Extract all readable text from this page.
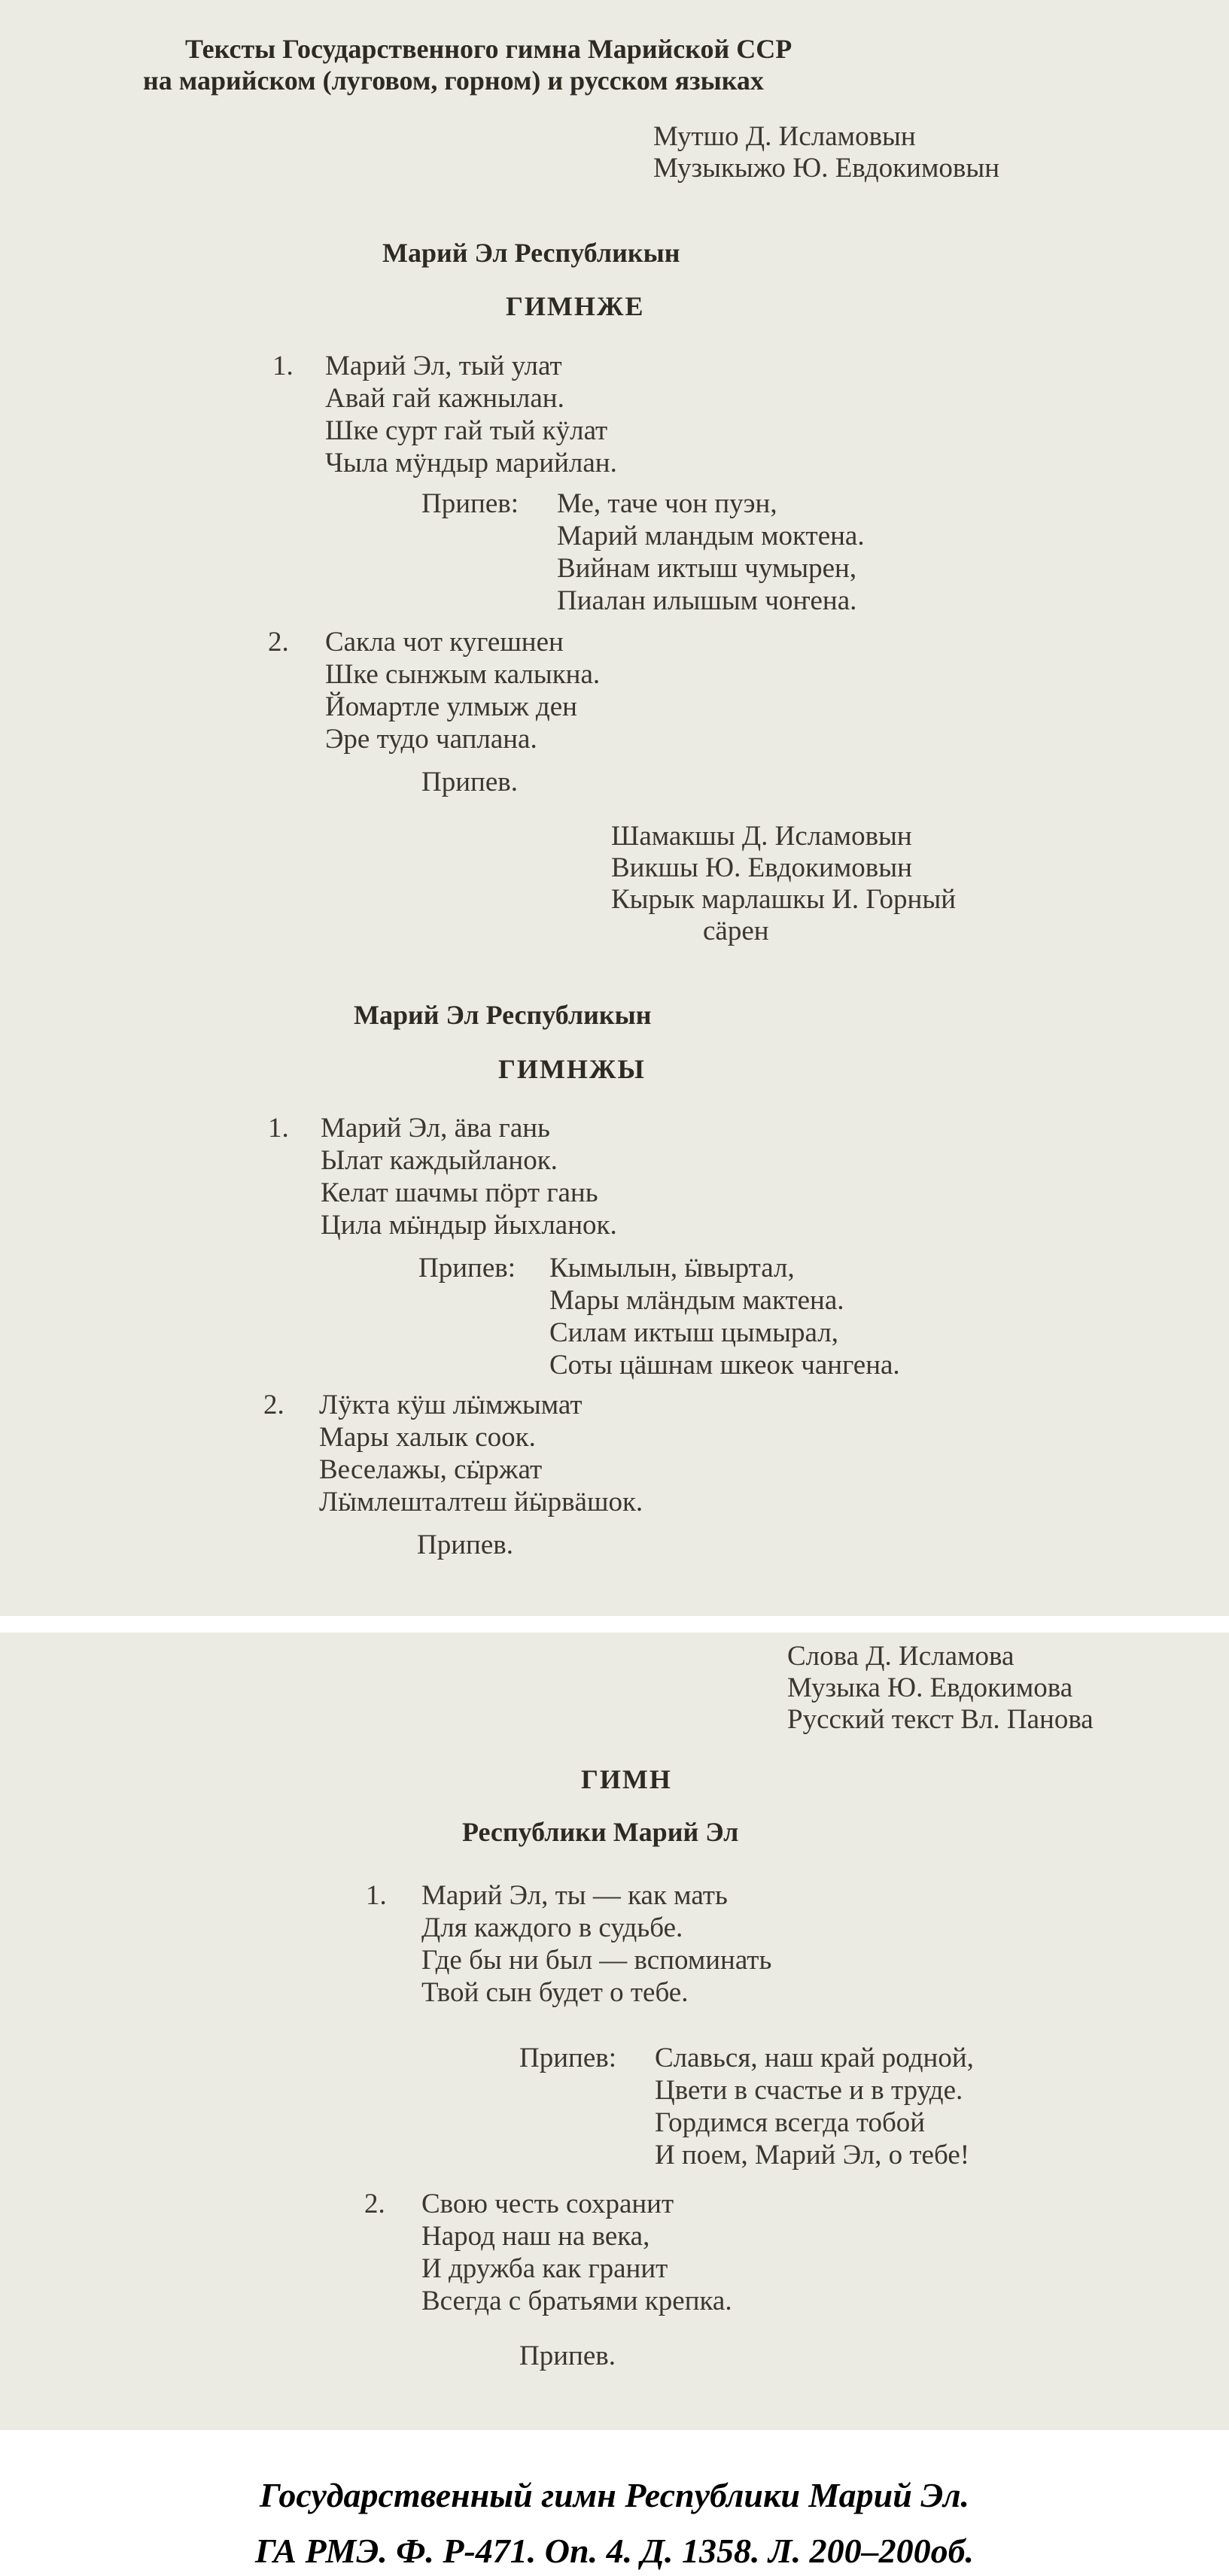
Тексты Государственного гимна Марийской ССР
на марийском (луговом, горном) и русском языках
Мутшо Д. Исламовын
Музыкыжо Ю. Евдокимовын
Марий Эл Республикын
ГИМНЖЕ
1. Марий Эл, тый улат
Авай гай кажнылан.
Шке сурт гай тый кӱлат
Чыла мӱндыр марийлан.
Припев: Ме, таче чон пуэн,
Марий мландым моктена.
Вийнам иктыш чумырен,
Пиалан илышым чоҥена.
2. Сакла чот кугешнен
Шке сынжым калыкна.
Йомартле улмыж ден
Эре тудо чаплана.
Припев.
Шамакшы Д. Исламовын
Викшы Ю. Евдокимовын
Кырык марлашкы И. Горный
сӓрен
Марий Эл Республикын
ГИМНЖЫ
1. Марий Эл, ӓва гань
Ылат каждыйланок.
Келат шачмы пӧрт гань
Цила мӹндыр йыхланок.
Припев: Кымылын, ӹвыртал,
Мары млӓндым мактена.
Силам иктыш цымырал,
Соты цӓшнам шкеок чангена.
2. Лӱкта кӱш лӹмжымат
Мары халык соок.
Веселажы, сӹржат
Лӹмлешталтеш йӹрвӓшок.
Припев.
Слова Д. Исламова
Музыка Ю. Евдокимова
Русский текст Вл. Панова
ГИМН
Республики Марий Эл
1. Марий Эл, ты — как мать
Для каждого в судьбе.
Где бы ни был — вспоминать
Твой сын будет о тебе.
Припев: Славься, наш край родной,
Цвети в счастье и в труде.
Гордимся всегда тобой
И поем, Марий Эл, о тебе!
2. Свою честь сохранит
Народ наш на века,
И дружба как гранит
Всегда с братьями крепка.
Припев.
Государственный гимн Республики Марий Эл.
ГА РМЭ. Ф. Р-471. Оп. 4. Д. 1358. Л. 200–200об.
